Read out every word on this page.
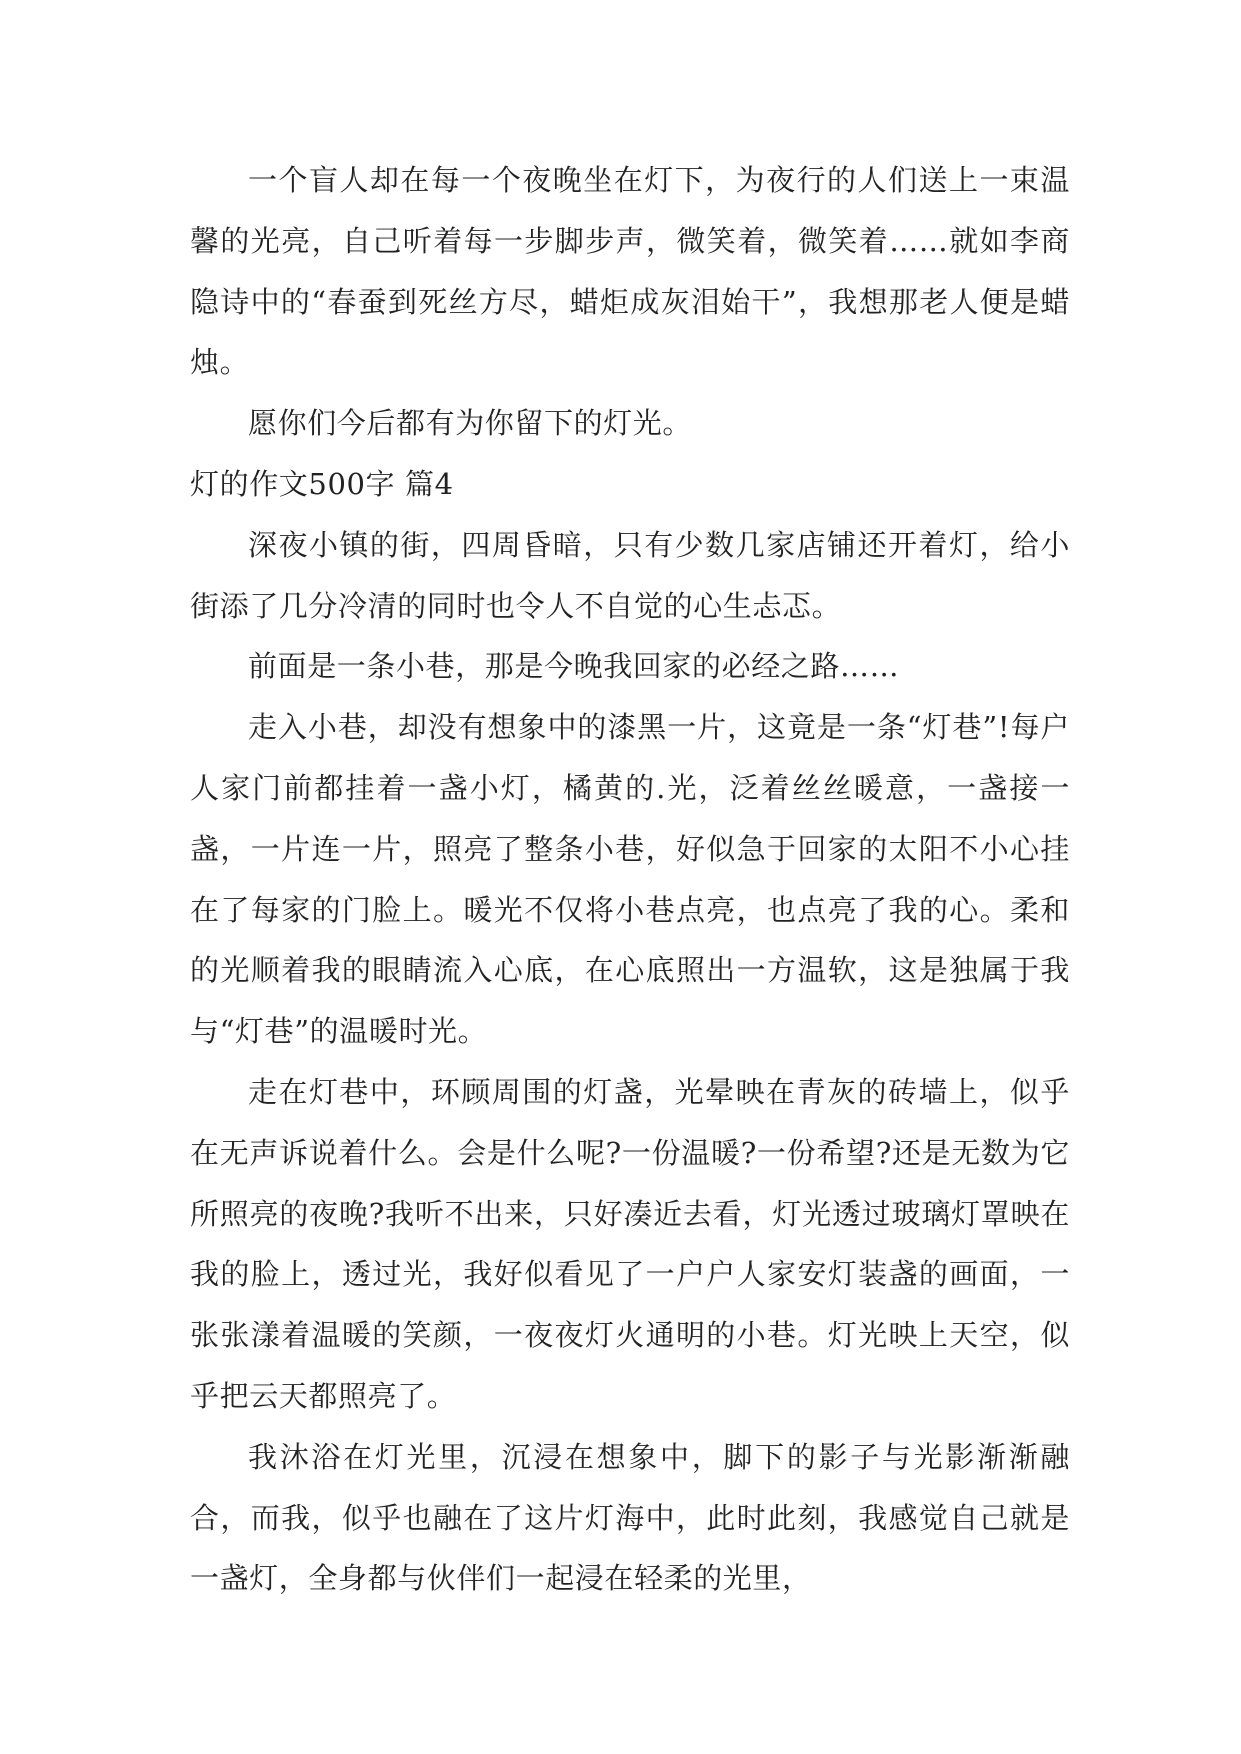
一个盲人却在每一个夜晚坐在灯下，为夜行的人们送上一束温馨的光亮，自己听着每一步脚步声，微笑着，微笑着……就如李商隐诗中的“春蚕到死丝方尽，蜡炬成灰泪始干”，我想那老人便是蜡烛。

愿你们今后都有为你留下的灯光。

灯的作文500字 篇4

深夜小镇的街，四周昏暗，只有少数几家店铺还开着灯，给小街添了几分冷清的同时也令人不自觉的心生忐忑。

前面是一条小巷，那是今晚我回家的必经之路……

走入小巷，却没有想象中的漆黑一片，这竟是一条“灯巷”!每户人家门前都挂着一盏小灯，橘黄的.光，泛着丝丝暖意，一盏接一盏，一片连一片，照亮了整条小巷，好似急于回家的太阳不小心挂在了每家的门脸上。暖光不仅将小巷点亮，也点亮了我的心。柔和的光顺着我的眼睛流入心底，在心底照出一方温软，这是独属于我与“灯巷”的温暖时光。

走在灯巷中，环顾周围的灯盏，光晕映在青灰的砖墙上，似乎在无声诉说着什么。会是什么呢?一份温暖?一份希望?还是无数为它所照亮的夜晚?我听不出来，只好凑近去看，灯光透过玻璃灯罩映在我的脸上，透过光，我好似看见了一户户人家安灯装盏的画面，一张张漾着温暖的笑颜，一夜夜灯火通明的小巷。灯光映上天空，似乎把云天都照亮了。

我沐浴在灯光里，沉浸在想象中，脚下的影子与光影渐渐融合，而我，似乎也融在了这片灯海中，此时此刻，我感觉自己就是一盏灯，全身都与伙伴们一起浸在轻柔的光里，
